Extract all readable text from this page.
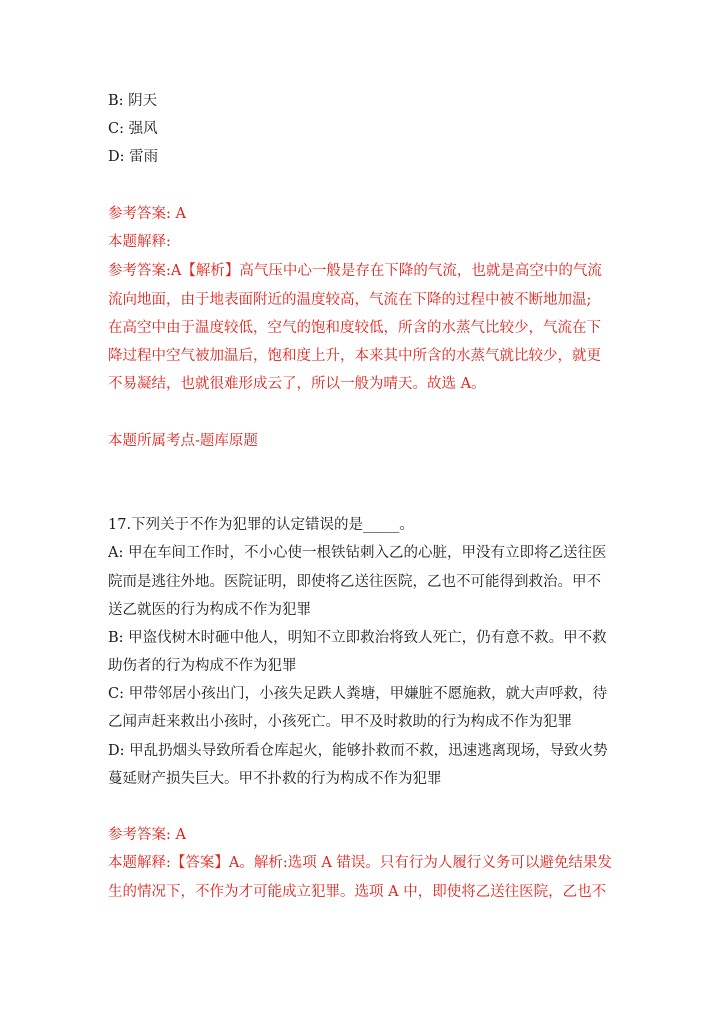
B: 阴天
C: 强风
D: 雷雨
参考答案: A
本题解释:
参考答案:A【解析】高气压中心一般是存在下降的气流，也就是高空中的气流
流向地面，由于地表面附近的温度较高，气流在下降的过程中被不断地加温;
在高空中由于温度较低，空气的饱和度较低，所含的水蒸气比较少，气流在下
降过程中空气被加温后，饱和度上升，本来其中所含的水蒸气就比较少，就更
不易凝结，也就很难形成云了，所以一般为晴天。故选 A。
本题所属考点-题库原题
17.下列关于不作为犯罪的认定错误的是_____。
A: 甲在车间工作时，不小心使一根铁钻刺入乙的心脏，甲没有立即将乙送往医
院而是逃往外地。医院证明，即使将乙送往医院，乙也不可能得到救治。甲不
送乙就医的行为构成不作为犯罪
B: 甲盗伐树木时砸中他人，明知不立即救治将致人死亡，仍有意不救。甲不救
助伤者的行为构成不作为犯罪
C: 甲带邻居小孩出门，小孩失足跌人粪塘，甲嫌脏不愿施救，就大声呼救，待
乙闻声赶来救出小孩时，小孩死亡。甲不及时救助的行为构成不作为犯罪
D: 甲乱扔烟头导致所看仓库起火，能够扑救而不救，迅速逃离现场，导致火势
蔓延财产损失巨大。甲不扑救的行为构成不作为犯罪
参考答案: A
本题解释:【答案】A。解析:选项 A 错误。只有行为人履行义务可以避免结果发
生的情况下，不作为才可能成立犯罪。选项 A 中，即使将乙送往医院，乙也不
